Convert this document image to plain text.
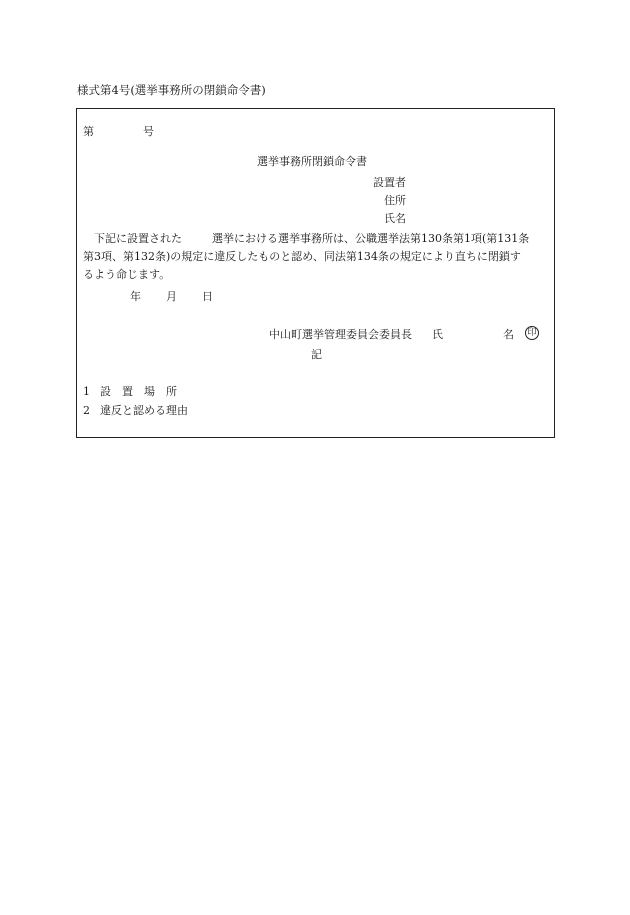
様式第4号(選挙事務所の閉鎖命令書)
第	号
選挙事務所閉鎖命令書
設置者
住所
氏名
下記に設置された	選挙における選挙事務所は、公職選挙法第130条第1項(第131条
第3項、第132条)の規定に違反したものと認め、同法第134条の規定により直ちに閉鎖す
るよう命じます。
年 月 日
中山町選挙管理委員会委員長 氏	名 印
記
1 設　置　場　所
2 違反と認める理由
